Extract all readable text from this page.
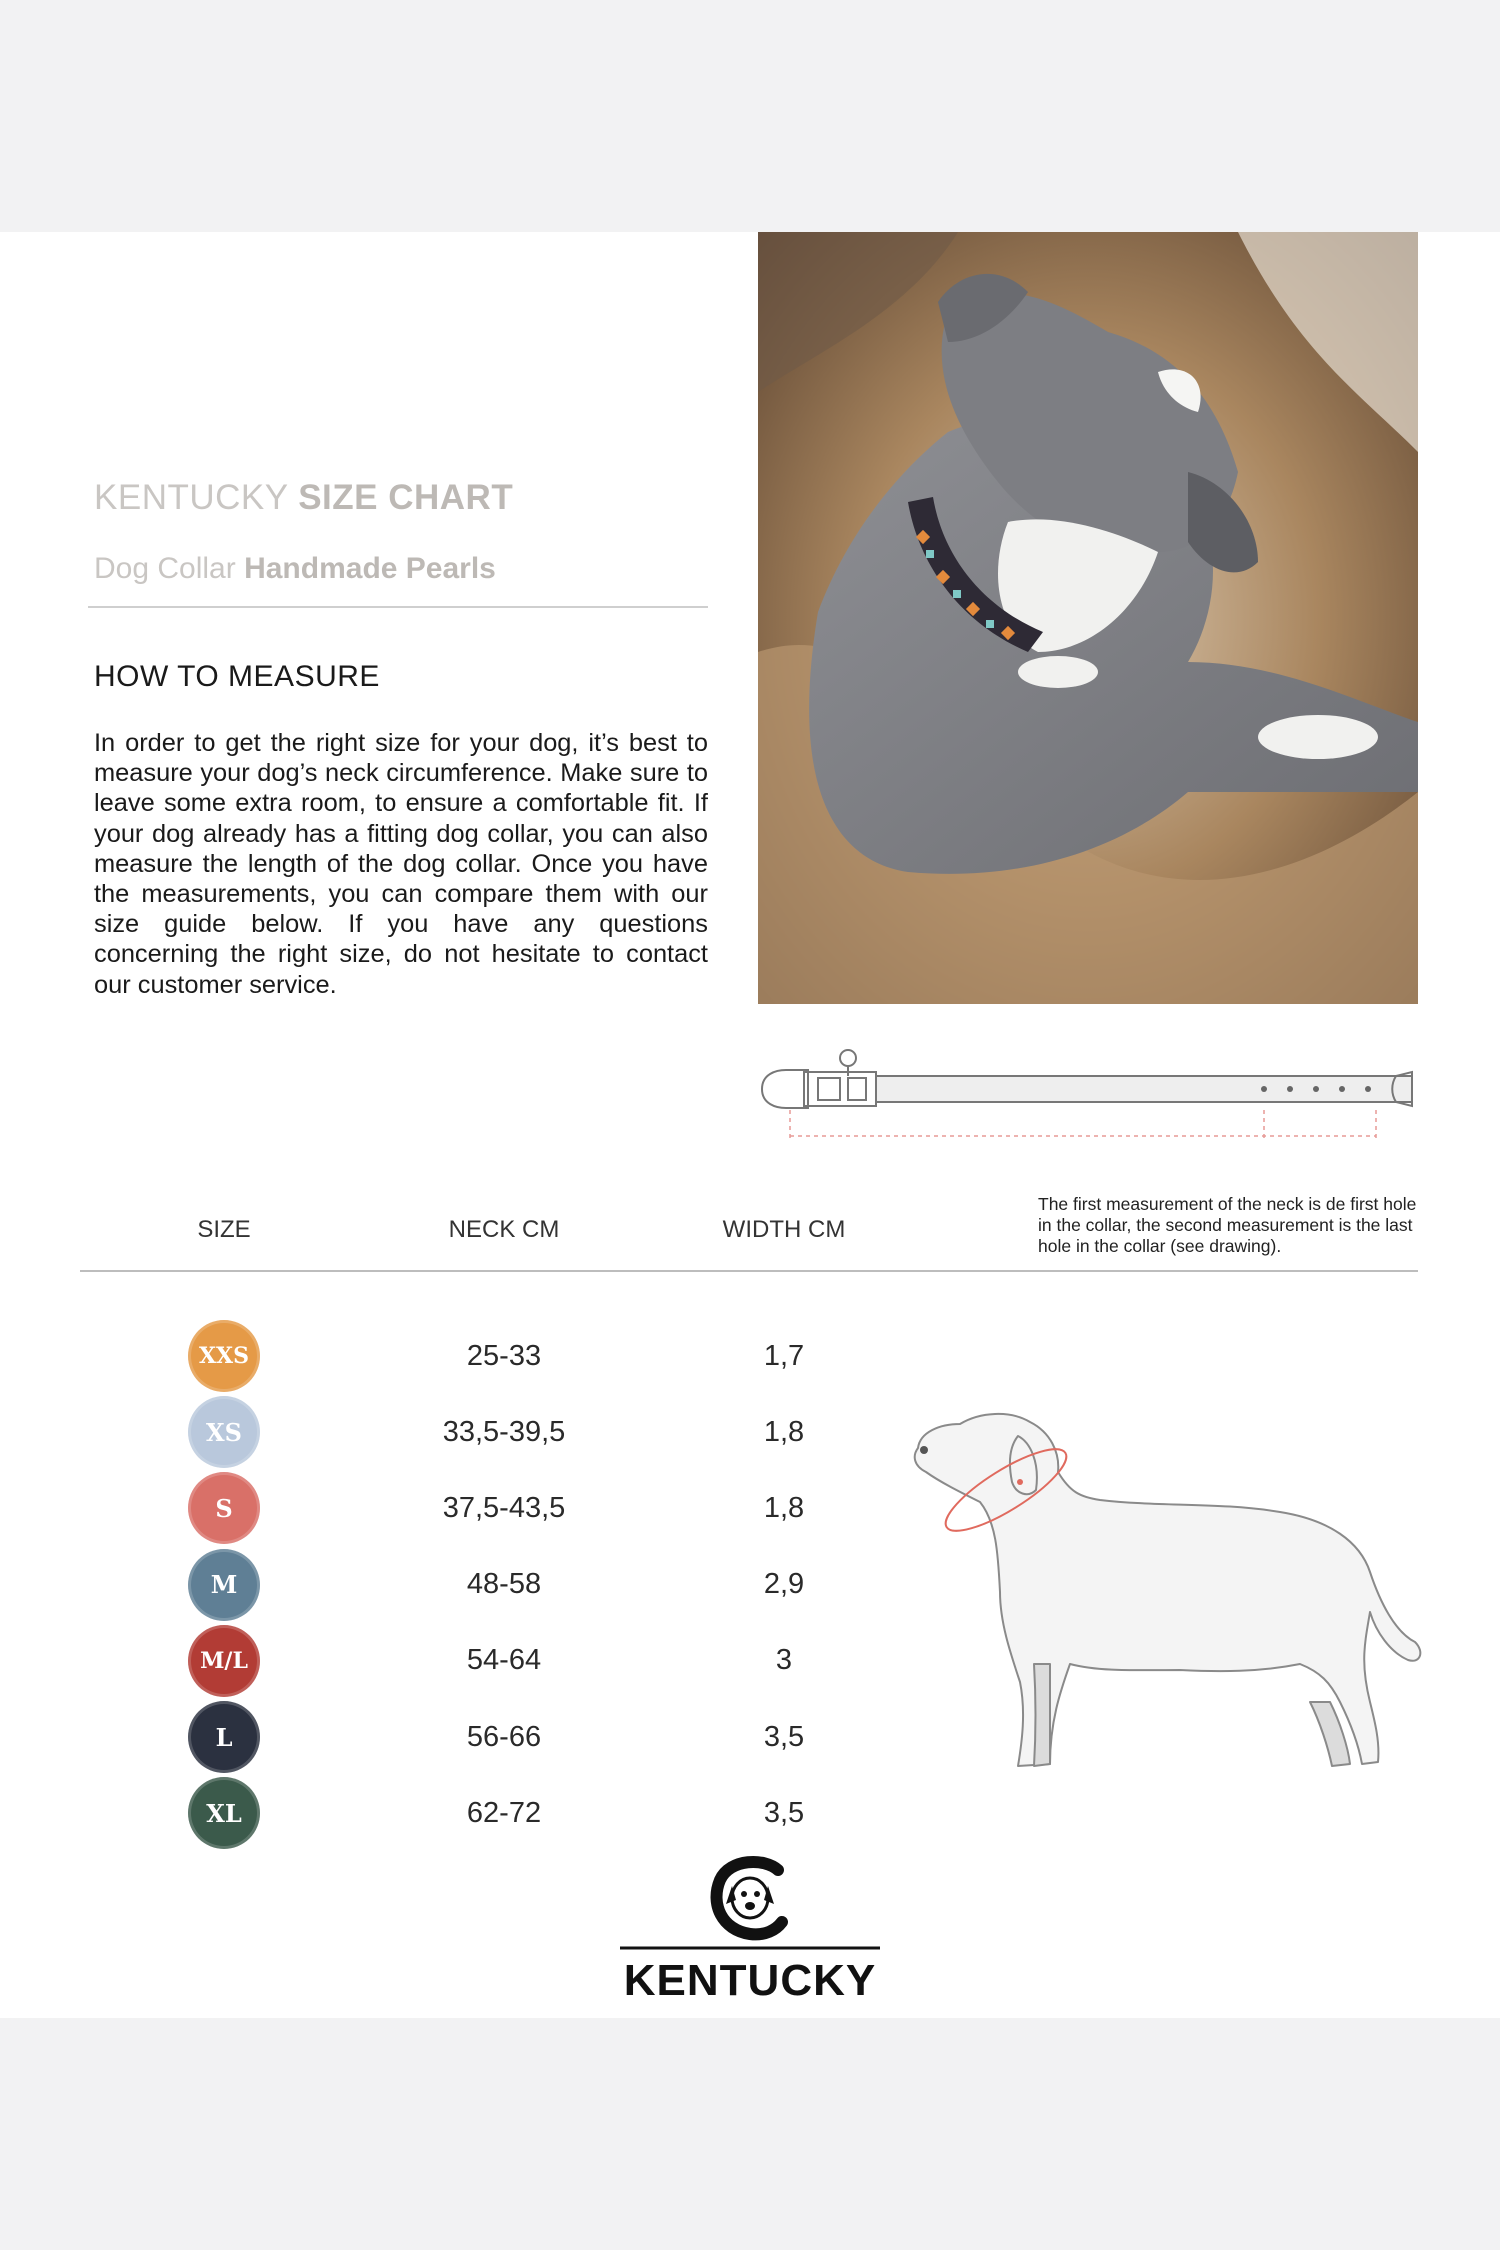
KENTUCKY SIZE CHART
Dog Collar Handmade Pearls
HOW TO MEASURE
In order to get the right size for your dog, it’s best to measure your dog’s neck circumference. Make sure to leave some extra room, to ensure a comfortable fit. If your dog already has a fitting dog collar, you can also measure the length of the dog collar. Once you have the measurements, you can compare them with our size guide below. If you have any questions concerning the right size, do not hesitate to contact our customer service.
SIZE	NECK CM	WIDTH CM
The first measurement of the neck is de first hole in the collar, the second measurement is the last hole in the collar (see drawing).
XXS	25-33	1,7
XS	33,5-39,5	1,8
S	37,5-43,5	1,8
M	48-58	2,9
M/L	54-64	3
L	56-66	3,5
XL	62-72	3,5
KENTUCKY
